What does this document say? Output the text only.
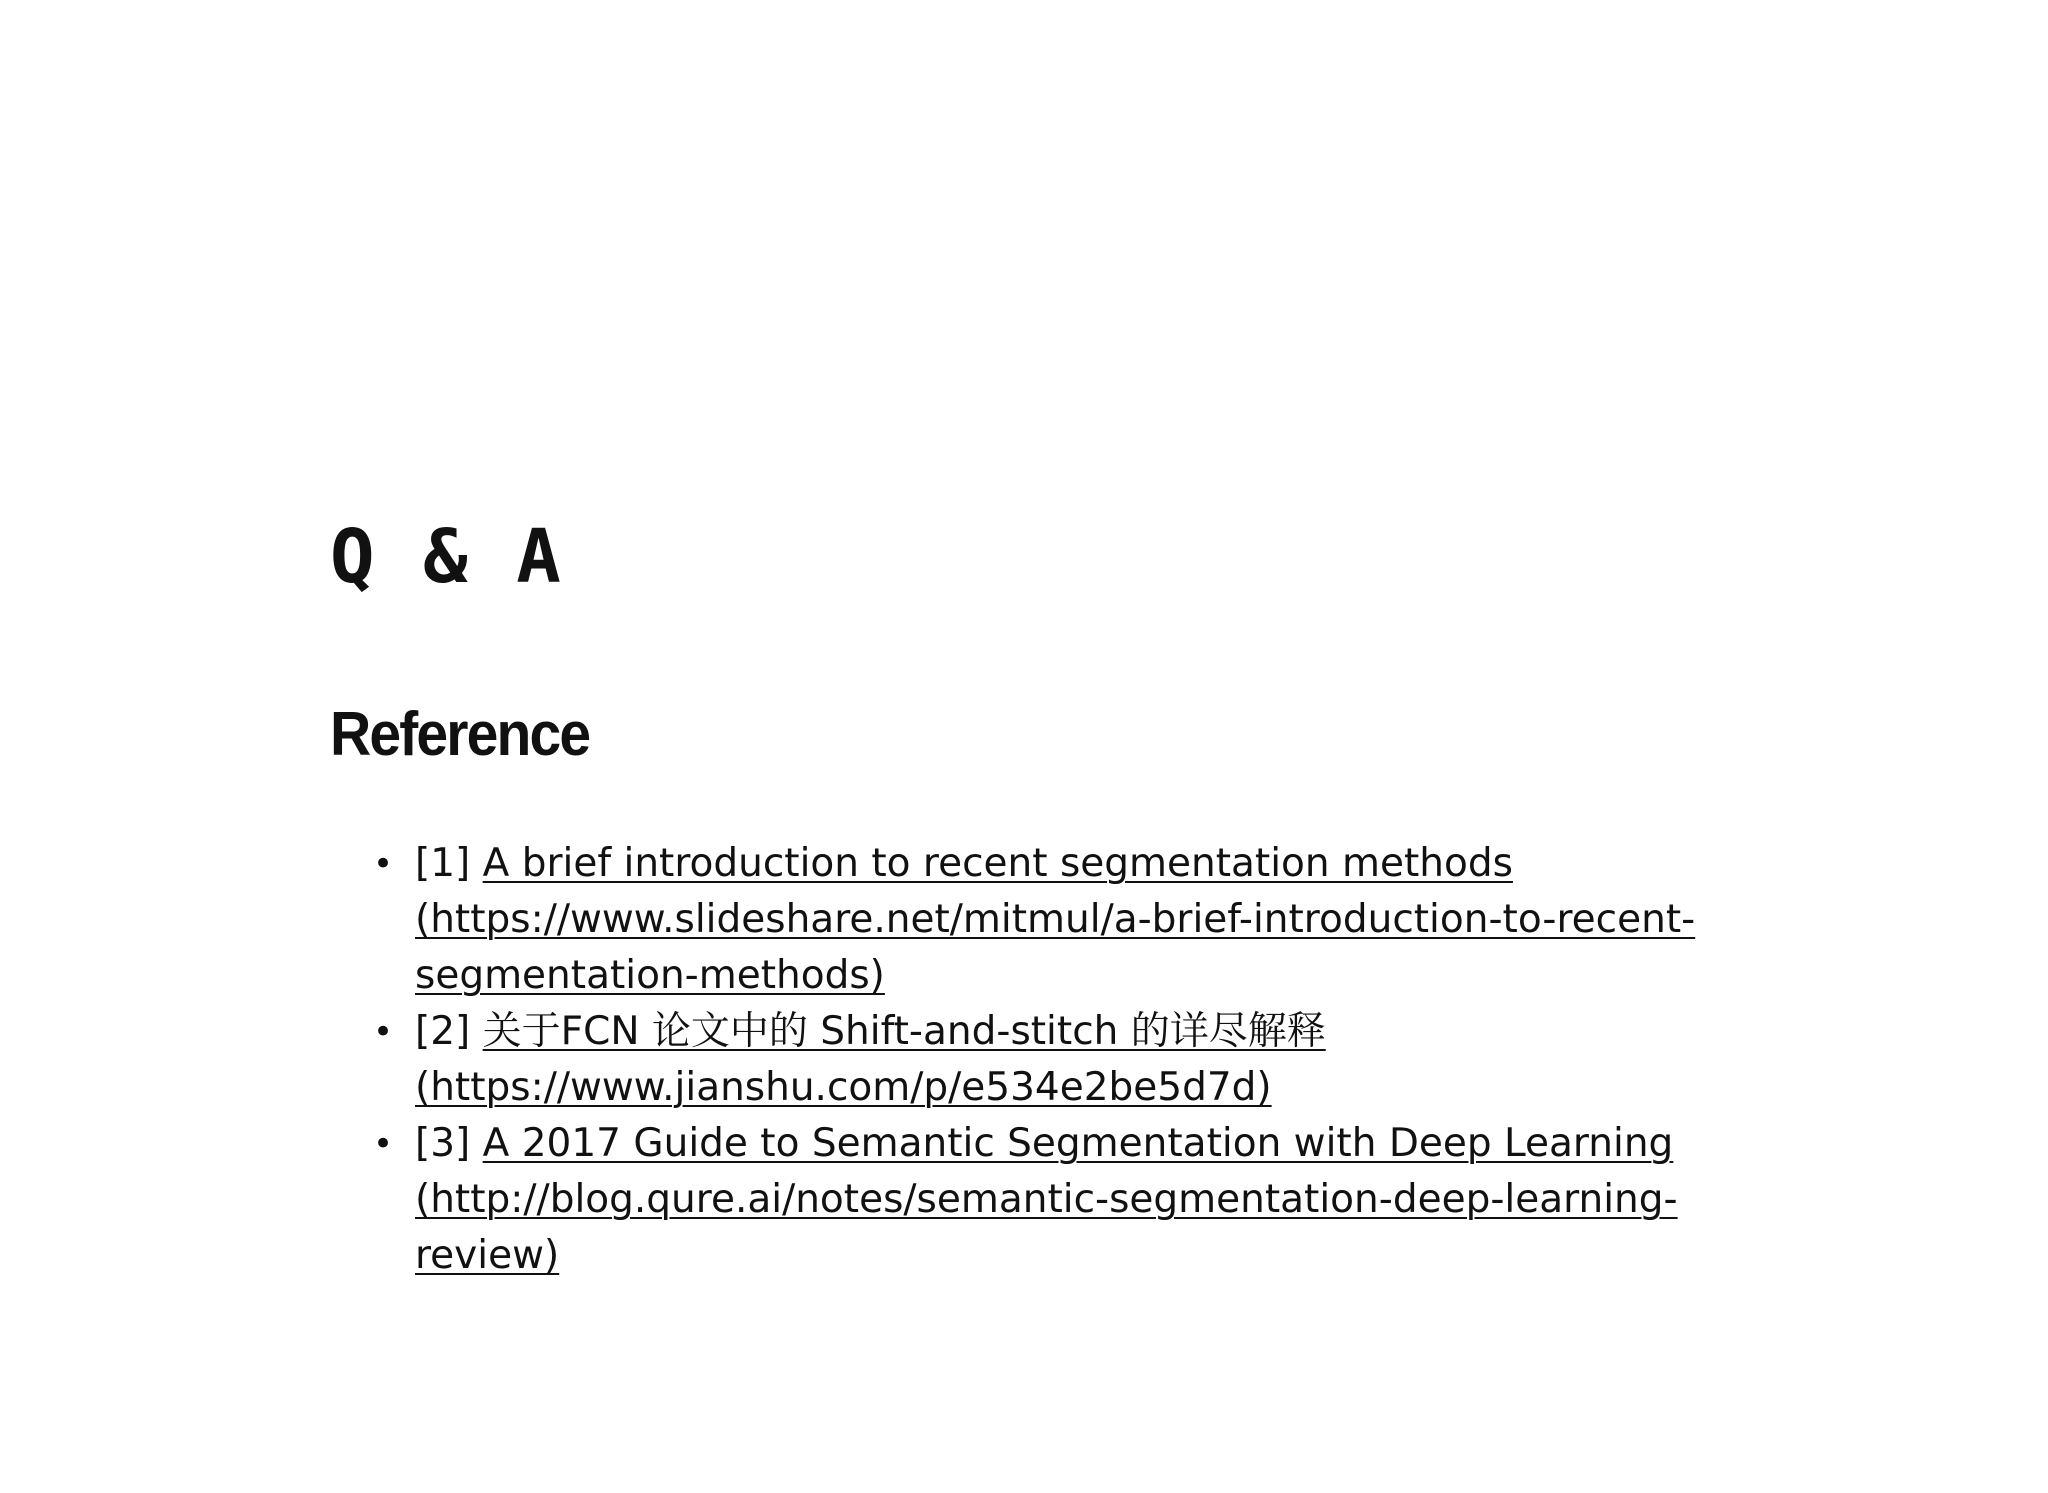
Q & A
Reference
• [1] A brief introduction to recent segmentation methods
(https://www.slideshare.net/mitmul/a-brief-introduction-to-recent-segmentation-methods)
• [2] 关于FCN 论文中的 Shift-and-stitch 的详尽解释
(https://www.jianshu.com/p/e534e2be5d7d)
• [3] A 2017 Guide to Semantic Segmentation with Deep Learning
(http://blog.qure.ai/notes/semantic-segmentation-deep-learning-review)
